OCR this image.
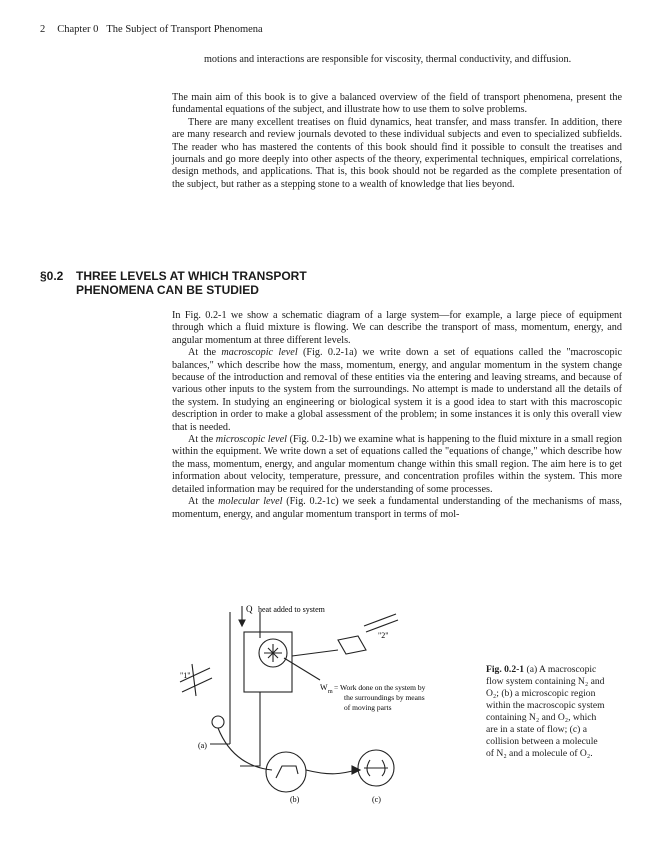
2 Chapter 0 The Subject of Transport Phenomena

motions and interactions are responsible for viscosity, thermal conductivity, and diffusion.

The main aim of this book is to give a balanced overview of the field of transport phenomena, present the fundamental equations of the subject, and illustrate how to use them to solve problems.

There are many excellent treatises on fluid dynamics, heat transfer, and mass transfer. In addition, there are many research and review journals devoted to these individual subjects and even to specialized subfields. The reader who has mastered the contents of this book should find it possible to consult the treatises and journals and go more deeply into other aspects of the theory, experimental techniques, empirical correlations, design methods, and applications. That is, this book should not be regarded as the complete presentation of the subject, but rather as a stepping stone to a wealth of knowledge that lies beyond.

§0.2 THREE LEVELS AT WHICH TRANSPORT
PHENOMENA CAN BE STUDIED

In Fig. 0.2-1 we show a schematic diagram of a large system—for example, a large piece of equipment through which a fluid mixture is flowing. We can describe the transport of mass, momentum, energy, and angular momentum at three different levels.

At the macroscopic level (Fig. 0.2-1a) we write down a set of equations called the "macroscopic balances," which describe how the mass, momentum, energy, and angular momentum in the system change because of the introduction and removal of these entities via the entering and leaving streams, and because of various other inputs to the system from the surroundings. No attempt is made to understand all the details of the system. In studying an engineering or biological system it is a good idea to start with this macroscopic description in order to make a global assessment of the problem; in some instances it is only this overall view that is needed.

At the microscopic level (Fig. 0.2-1b) we examine what is happening to the fluid mixture in a small region within the equipment. We write down a set of equations called the "equations of change," which describe how the mass, momentum, energy, and angular momentum change within this small region. The aim here is to get information about velocity, temperature, pressure, and concentration profiles within the system. This more detailed information may be required for the understanding of some processes.

At the molecular level (Fig. 0.2-1c) we seek a fundamental understanding of the mechanisms of mass, momentum, energy, and angular momentum transport in terms of mol-

Q heat added to system
"2"
"1"
W m = Work done on the system by
the surroundings by means
of moving parts
(a)
(b)	(c)
Fig. 0.2-1 (a) A macroscopic flow system containing N₂ and O₂; (b) a microscopic region within the macroscopic system containing N₂ and O₂, which are in a state of flow; (c) a collision between a molecule of N₂ and a molecule of O₂.
